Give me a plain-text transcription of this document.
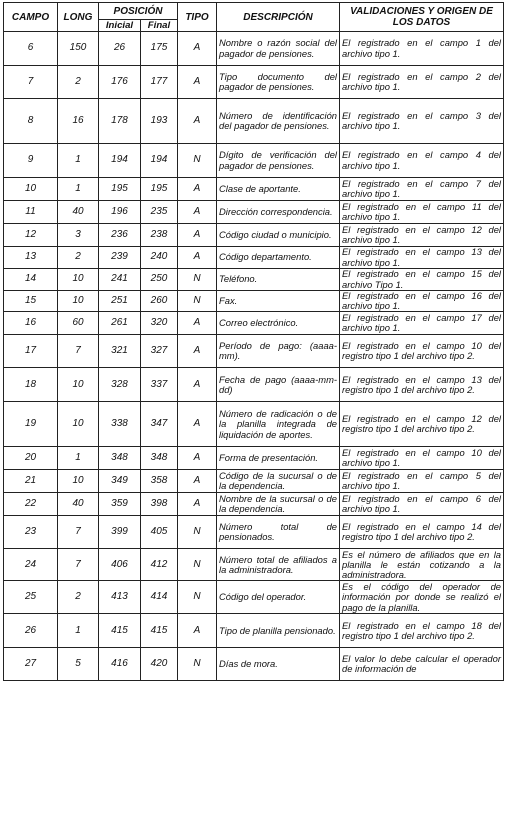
CAMPO	LONG	POSICIÓN		TIPO	DESCRIPCIÓN	VALIDACIONES Y ORIGEN DE LOS DATOS
		Inicial	Final			
6	150	26	175	A	Nombre o razón social del pagador de pensiones.	El registrado en el campo 1 del archivo tipo 1.
7	2	176	177	A	Tipo documento del pagador de pensiones.	El registrado en el campo 2 del archivo tipo 1.
8	16	178	193	A	Número de identificación del pagador de pensiones.	El registrado en el campo 3 del archivo tipo 1.
9	1	194	194	N	Dígito de verificación del pagador de pensiones.	El registrado en el campo 4 del archivo tipo 1.
10	1	195	195	A	Clase de aportante.	El registrado en el campo 7 del archivo tipo 1.
11	40	196	235	A	Dirección correspondencia.	El registrado en el campo 11 del archivo tipo 1.
12	3	236	238	A	Código ciudad o municipio.	El registrado en el campo 12 del archivo tipo 1.
13	2	239	240	A	Código departamento.	El registrado en el campo 13 del archivo tipo 1.
14	10	241	250	N	Teléfono.	El registrado en el campo 15 del archivo Tipo 1.
15	10	251	260	N	Fax.	El registrado en el campo 16 del archivo tipo 1.
16	60	261	320	A	Correo electrónico.	El registrado en el campo 17 del archivo tipo 1.
17	7	321	327	A	Período de pago: (aaaa-mm).	El registrado en el campo 10 del registro tipo 1 del archivo tipo 2.
18	10	328	337	A	Fecha de pago (aaaa-mm-dd)	El registrado en el campo 13 del registro tipo 1 del archivo tipo 2.
19	10	338	347	A	Número de radicación o de la planilla integrada de liquidación de aportes.	El registrado en el campo 12 del registro tipo 1 del archivo tipo 2.
20	1	348	348	A	Forma de presentación.	El registrado en el campo 10 del archivo tipo 1.
21	10	349	358	A	Código de la sucursal o de la dependencia.	El registrado en el campo 5 del archivo tipo 1.
22	40	359	398	A	Nombre de la sucursal o de la dependencia.	El registrado en el campo 6 del archivo tipo 1.
23	7	399	405	N	Número total de pensionados.	El registrado en el campo 14 del registro tipo 1 del archivo tipo 2.
24	7	406	412	N	Número total de afiliados a la administradora.	Es el número de afiliados que en la planilla le están cotizando a la administradora.
25	2	413	414	N	Código del operador.	Es el código del operador de información por donde se realizó el pago de la planilla.
26	1	415	415	A	Tipo de planilla pensionado.	El registrado en el campo 18 del registro tipo 1 del archivo tipo 2.
27	5	416	420	N	Días de mora.	El valor lo debe calcular el operador de información de
